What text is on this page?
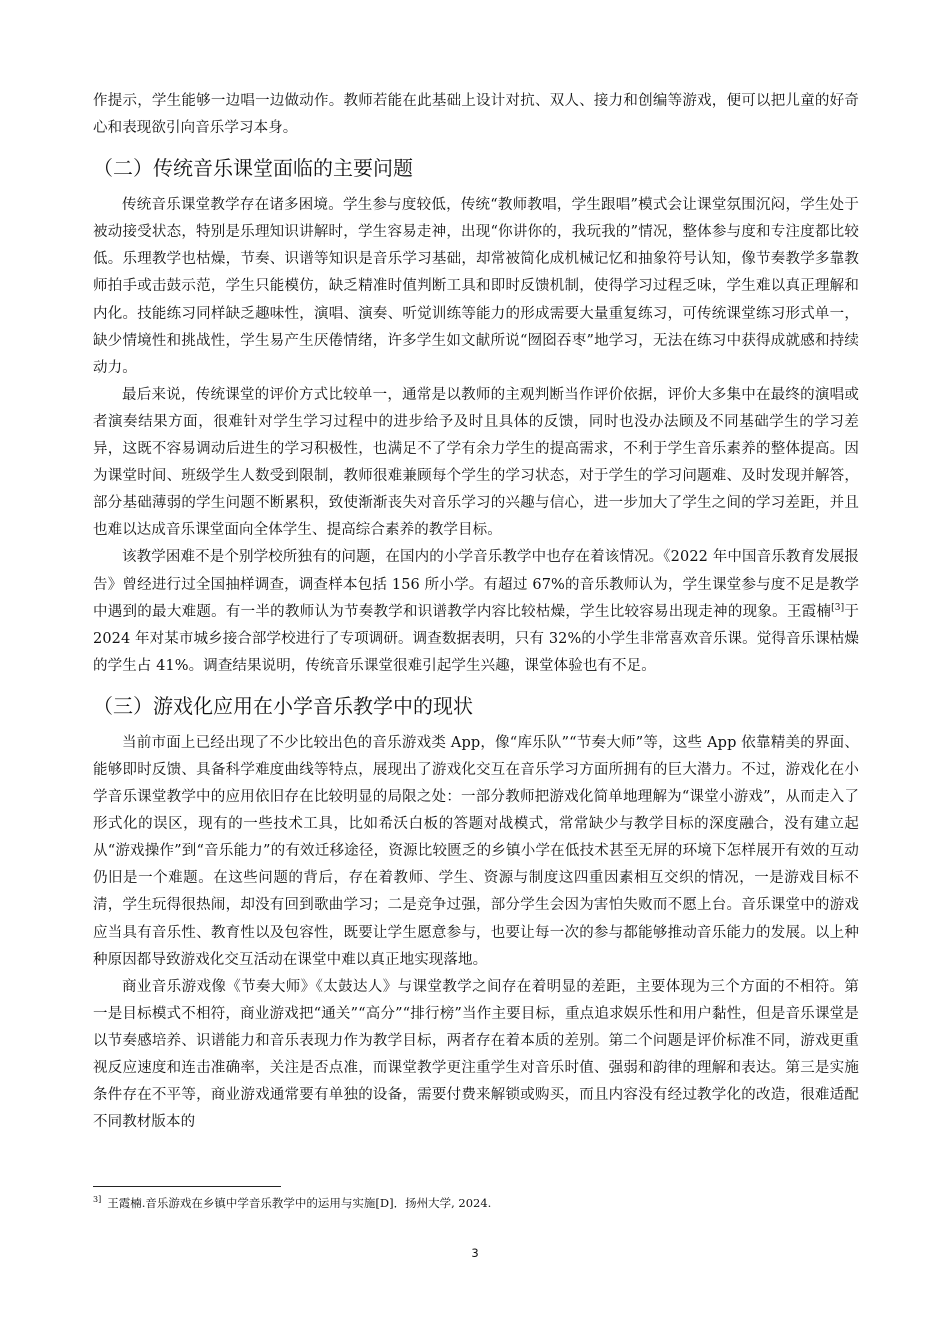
作提示，学生能够一边唱一边做动作。教师若能在此基础上设计对抗、双人、接力和创编等游戏，便可以把儿童的好奇心和表现欲引向音乐学习本身。

（二）传统音乐课堂面临的主要问题

传统音乐课堂教学存在诸多困境。学生参与度较低，传统“教师教唱，学生跟唱”模式会让课堂氛围沉闷，学生处于被动接受状态，特别是乐理知识讲解时，学生容易走神，出现“你讲你的，我玩我的”情况，整体参与度和专注度都比较低。乐理教学也枯燥，节奏、识谱等知识是音乐学习基础，却常被简化成机械记忆和抽象符号认知，像节奏教学多靠教师拍手或击鼓示范，学生只能模仿，缺乏精准时值判断工具和即时反馈机制，使得学习过程乏味，学生难以真正理解和内化。技能练习同样缺乏趣味性，演唱、演奏、听觉训练等能力的形成需要大量重复练习，可传统课堂练习形式单一，缺少情境性和挑战性，学生易产生厌倦情绪，许多学生如文献所说“囫囵吞枣”地学习，无法在练习中获得成就感和持续动力。

最后来说，传统课堂的评价方式比较单一，通常是以教师的主观判断当作评价依据，评价大多集中在最终的演唱或者演奏结果方面，很难针对学生学习过程中的进步给予及时且具体的反馈，同时也没办法顾及不同基础学生的学习差异，这既不容易调动后进生的学习积极性，也满足不了学有余力学生的提高需求，不利于学生音乐素养的整体提高。因为课堂时间、班级学生人数受到限制，教师很难兼顾每个学生的学习状态，对于学生的学习问题难、及时发现并解答，部分基础薄弱的学生问题不断累积，致使渐渐丧失对音乐学习的兴趣与信心，进一步加大了学生之间的学习差距，并且也难以达成音乐课堂面向全体学生、提高综合素养的教学目标。

该教学困难不是个别学校所独有的问题，在国内的小学音乐教学中也存在着该情况。《2022 年中国音乐教育发展报告》曾经进行过全国抽样调查，调查样本包括 156 所小学。有超过 67%的音乐教师认为，学生课堂参与度不足是教学中遇到的最大难题。有一半的教师认为节奏教学和识谱教学内容比较枯燥，学生比较容易出现走神的现象。王霞楠[3]于 2024 年对某市城乡接合部学校进行了专项调研。调查数据表明，只有 32%的小学生非常喜欢音乐课。觉得音乐课枯燥的学生占 41%。调查结果说明，传统音乐课堂很难引起学生兴趣，课堂体验也有不足。

（三）游戏化应用在小学音乐教学中的现状

当前市面上已经出现了不少比较出色的音乐游戏类 App，像“库乐队”“节奏大师”等，这些 App 依靠精美的界面、能够即时反馈、具备科学难度曲线等特点，展现出了游戏化交互在音乐学习方面所拥有的巨大潜力。不过，游戏化在小学音乐课堂教学中的应用依旧存在比较明显的局限之处：一部分教师把游戏化简单地理解为“课堂小游戏”，从而走入了形式化的误区，现有的一些技术工具，比如希沃白板的答题对战模式，常常缺少与教学目标的深度融合，没有建立起从“游戏操作”到“音乐能力”的有效迁移途径，资源比较匮乏的乡镇小学在低技术甚至无屏的环境下怎样展开有效的互动仍旧是一个难题。在这些问题的背后，存在着教师、学生、资源与制度这四重因素相互交织的情况，一是游戏目标不清，学生玩得很热闹，却没有回到歌曲学习；二是竞争过强，部分学生会因为害怕失败而不愿上台。音乐课堂中的游戏应当具有音乐性、教育性以及包容性，既要让学生愿意参与，也要让每一次的参与都能够推动音乐能力的发展。以上种种原因都导致游戏化交互活动在课堂中难以真正地实现落地。

商业音乐游戏像《节奏大师》《太鼓达人》与课堂教学之间存在着明显的差距，主要体现为三个方面的不相符。第一是目标模式不相符，商业游戏把“通关”“高分”“排行榜”当作主要目标，重点追求娱乐性和用户黏性，但是音乐课堂是以节奏感培养、识谱能力和音乐表现力作为教学目标，两者存在着本质的差别。第二个问题是评价标准不同，游戏更重视反应速度和连击准确率，关注是否点准，而课堂教学更注重学生对音乐时值、强弱和韵律的理解和表达。第三是实施条件存在不平等，商业游戏通常要有单独的设备，需要付费来解锁或购买，而且内容没有经过教学化的改造，很难适配不同教材版本的

$^{3]}$ 王霞楠.音乐游戏在乡镇中学音乐教学中的运用与实施[D]．扬州大学, 2024.
3
